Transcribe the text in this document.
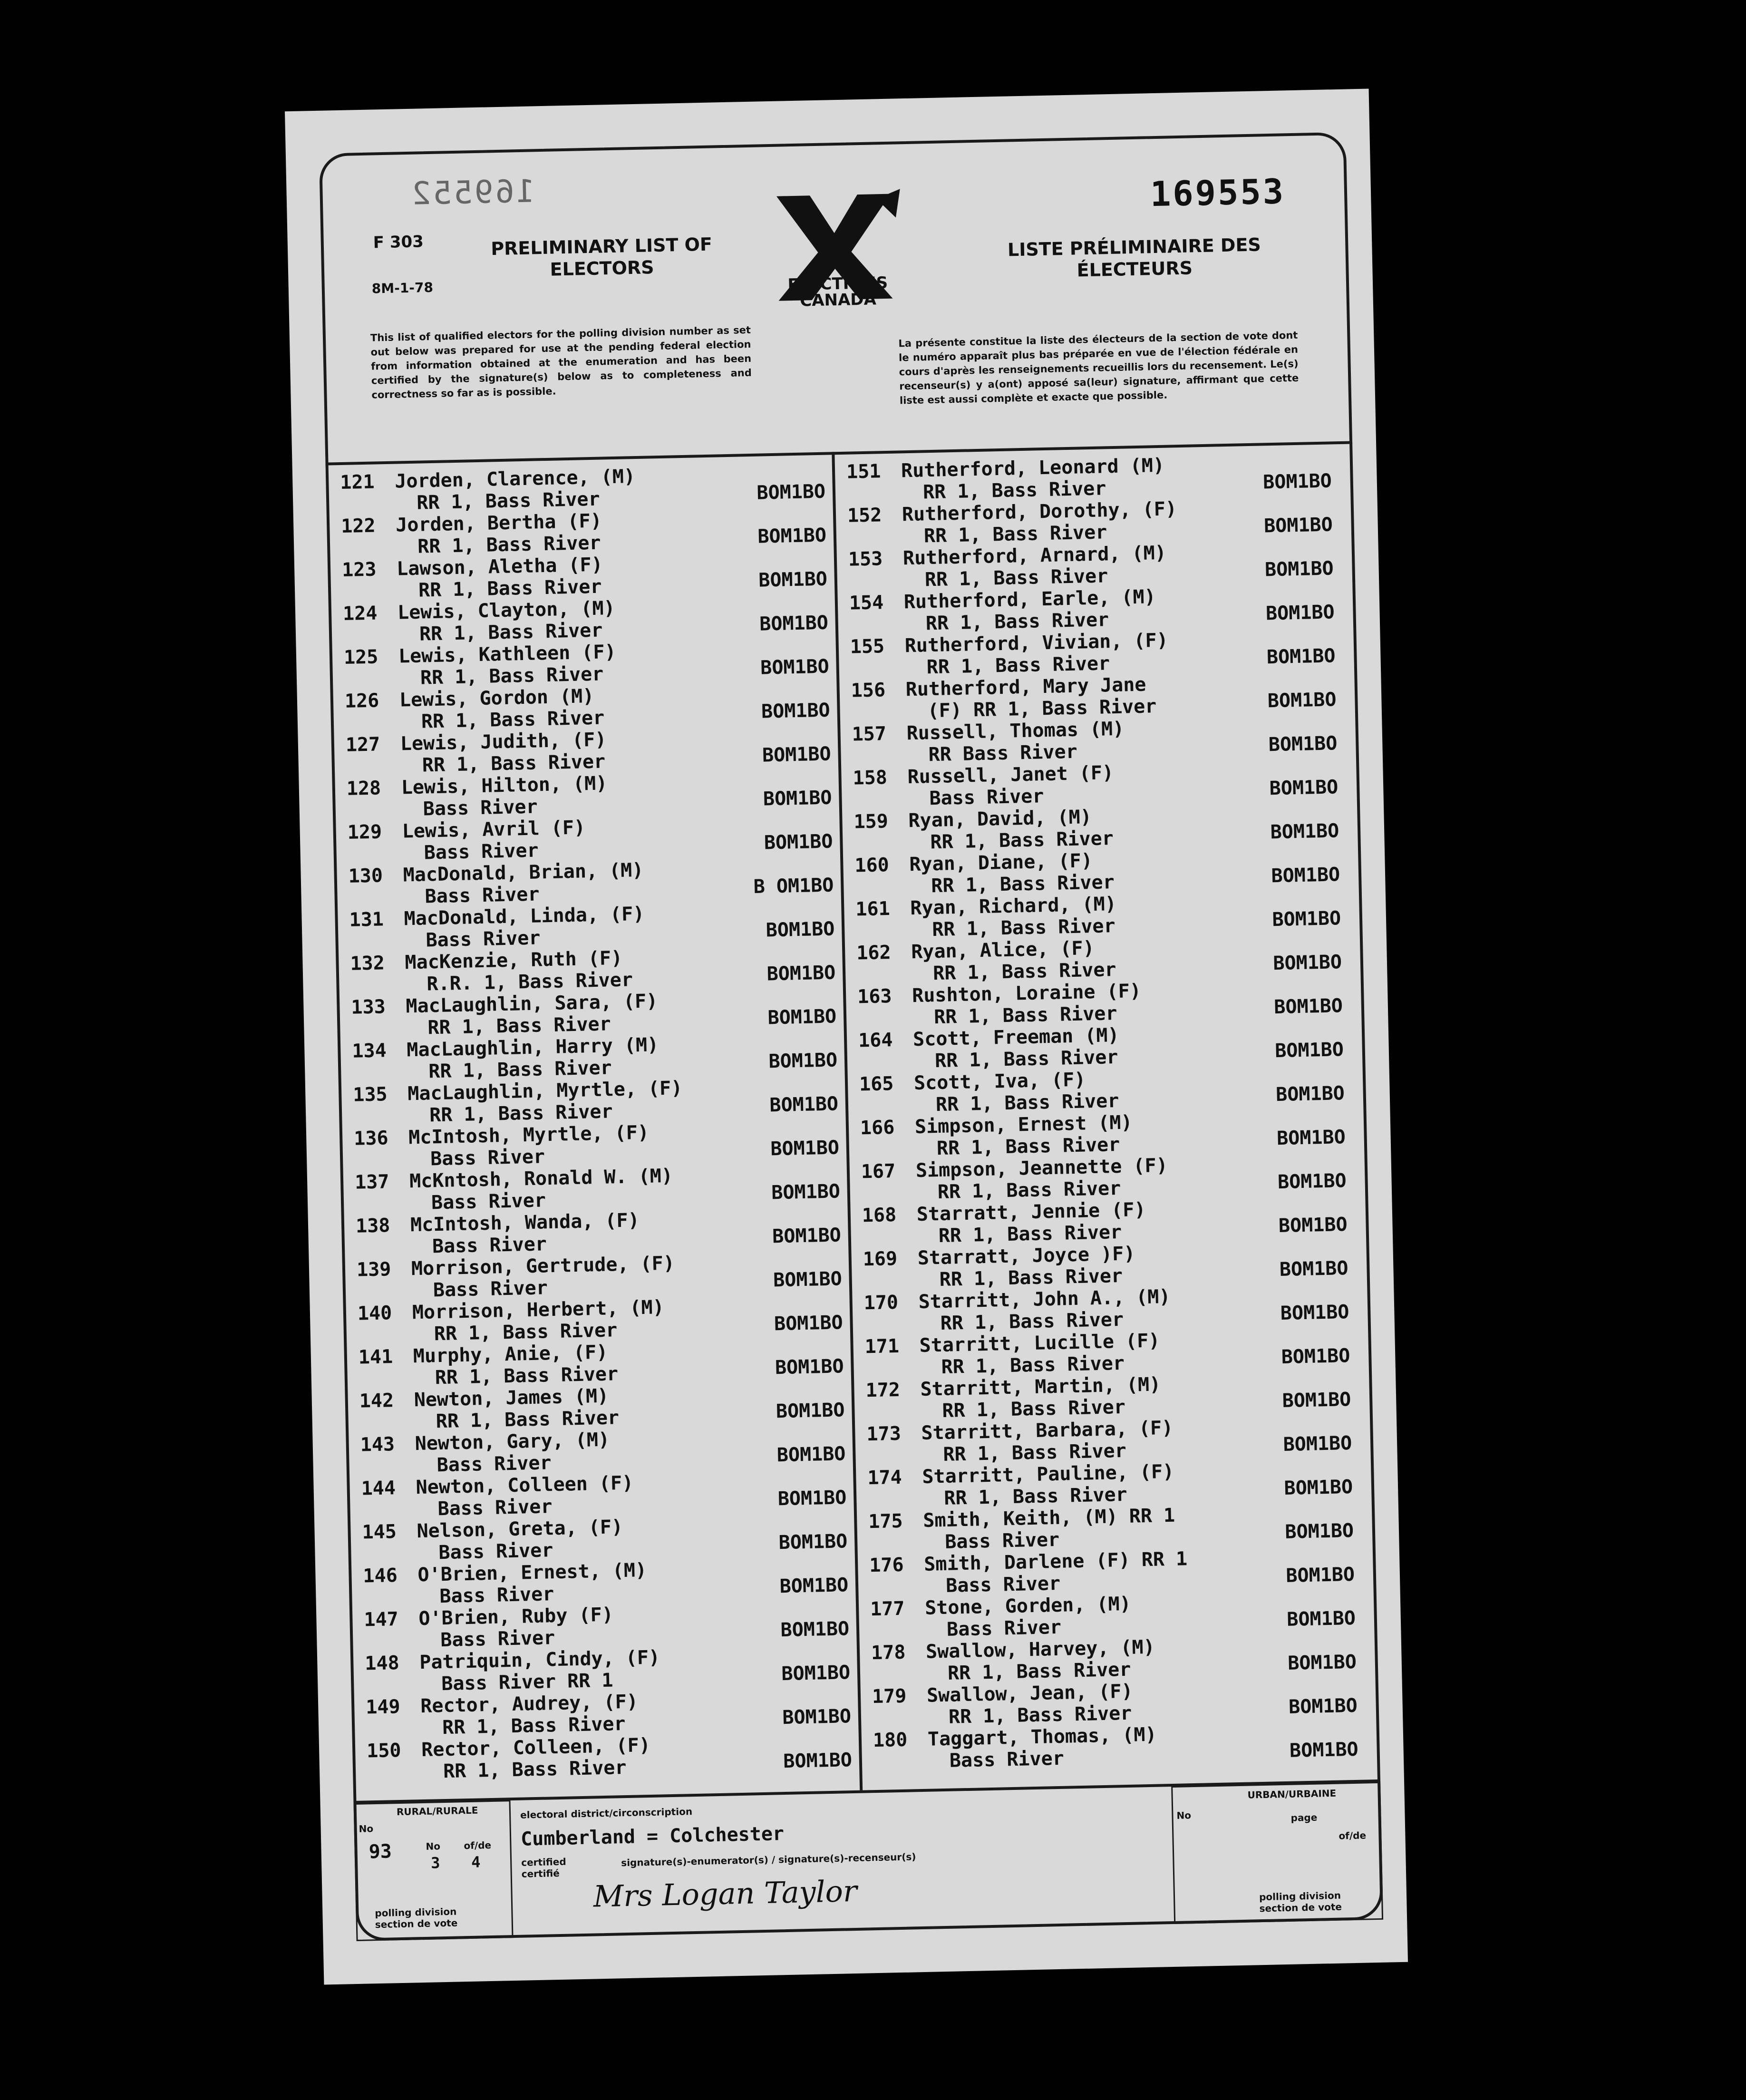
169552	169553
F 303
8M-1-78
PRELIMINARY LIST OF ELECTORS
LISTE PRÉLIMINAIRE DES ÉLECTEURS
ELECTIONS CANADA
This list of qualified electors for the polling division number as set out below was prepared for use at the pending federal election from information obtained at the enumeration and has been certified by the signature(s) below as to completeness and correctness so far as is possible.
La présente constitue la liste des électeurs de la section de vote dont le numéro apparaît plus bas préparée en vue de l'élection fédérale en cours d'après les renseignements recueillis lors du recensement. Le(s) recenseur(s) y a(ont) apposé sa(leur) signature, affirmant que cette liste est aussi complète et exacte que possible.
121	Jorden, Clarence, (M)
RR 1, Bass River	BOM1BO
122	Jorden, Bertha (F)
RR 1, Bass River	BOM1BO
123	Lawson, Aletha (F)
RR 1, Bass River	BOM1BO
124	Lewis, Clayton, (M)
RR 1, Bass River	BOM1BO
125	Lewis, Kathleen (F)
RR 1, Bass River	BOM1BO
126	Lewis, Gordon (M)
RR 1, Bass River	BOM1BO
127	Lewis, Judith, (F)
RR 1, Bass River	BOM1BO
128	Lewis, Hilton, (M)
Bass River	BOM1BO
129	Lewis, Avril (F)
Bass River	BOM1BO
130	MacDonald, Brian, (M)
Bass River	B OM1BO
131	MacDonald, Linda, (F)
Bass River	BOM1BO
132	MacKenzie, Ruth (F)
R.R. 1, Bass River	BOM1BO
133	MacLaughlin, Sara, (F)
RR 1, Bass River	BOM1BO
134	MacLaughlin, Harry (M)
RR 1, Bass River	BOM1BO
135	MacLaughlin, Myrtle, (F)
RR 1, Bass River	BOM1BO
136	McIntosh, Myrtle, (F)
Bass River	BOM1BO
137	McKntosh, Ronald W. (M)
Bass River	BOM1BO
138	McIntosh, Wanda, (F)
Bass River	BOM1BO
139	Morrison, Gertrude, (F)
Bass River	BOM1BO
140	Morrison, Herbert, (M)
RR 1, Bass River	BOM1BO
141	Murphy, Anie, (F)
RR 1, Bass River	BOM1BO
142	Newton, James (M)
RR 1, Bass River	BOM1BO
143	Newton, Gary, (M)
Bass River	BOM1BO
144	Newton, Colleen (F)
Bass River	BOM1BO
145	Nelson, Greta, (F)
Bass River	BOM1BO
146	O'Brien, Ernest, (M)
Bass River	BOM1BO
147	O'Brien, Ruby (F)
Bass River	BOM1BO
148	Patriquin, Cindy, (F)
Bass River RR 1	BOM1BO
149	Rector, Audrey, (F)
RR 1, Bass River	BOM1BO
150	Rector, Colleen, (F)
RR 1, Bass River	BOM1BO
151	Rutherford, Leonard (M)
RR 1, Bass River	BOM1BO
152	Rutherford, Dorothy, (F)
RR 1, Bass River	BOM1BO
153	Rutherford, Arnard, (M)
RR 1, Bass River	BOM1BO
154	Rutherford, Earle, (M)
RR 1, Bass River	BOM1BO
155	Rutherford, Vivian, (F)
RR 1, Bass River	BOM1BO
156	Rutherford, Mary Jane
(F) RR 1, Bass River	BOM1BO
157	Russell, Thomas (M)
RR Bass River	BOM1BO
158	Russell, Janet (F)
Bass River	BOM1BO
159	Ryan, David, (M)
RR 1, Bass River	BOM1BO
160	Ryan, Diane, (F)
RR 1, Bass River	BOM1BO
161	Ryan, Richard, (M)
RR 1, Bass River	BOM1BO
162	Ryan, Alice, (F)
RR 1, Bass River	BOM1BO
163	Rushton, Loraine (F)
RR 1, Bass River	BOM1BO
164	Scott, Freeman (M)
RR 1, Bass River	BOM1BO
165	Scott, Iva, (F)
RR 1, Bass River	BOM1BO
166	Simpson, Ernest (M)
RR 1, Bass River	BOM1BO
167	Simpson, Jeannette (F)
RR 1, Bass River	BOM1BO
168	Starratt, Jennie (F)
RR 1, Bass River	BOM1BO
169	Starratt, Joyce )F)
RR 1, Bass River	BOM1BO
170	Starritt, John A., (M)
RR 1, Bass River	BOM1BO
171	Starritt, Lucille (F)
RR 1, Bass River	BOM1BO
172	Starritt, Martin, (M)
RR 1, Bass River	BOM1BO
173	Starritt, Barbara, (F)
RR 1, Bass River	BOM1BO
174	Starritt, Pauline, (F)
RR 1, Bass River	BOM1BO
175	Smith, Keith, (M) RR 1
Bass River	BOM1BO
176	Smith, Darlene (F) RR 1
Bass River	BOM1BO
177	Stone, Gorden, (M)
Bass River	BOM1BO
178	Swallow, Harvey, (M)
RR 1, Bass River	BOM1BO
179	Swallow, Jean, (F)
RR 1, Bass River	BOM1BO
180	Taggart, Thomas, (M)
Bass River	BOM1BO
RURAL/RURALE
No
93	No
3
of/de
4
polling division section de vote
electoral district/circonscription
Cumberland = Colchester
certified certifié
signature(s)-enumerator(s) / signature(s)-recenseur(s)
Mrs Logan Taylor
URBAN/URBAINE
No	page
of/de
polling division section de vote
